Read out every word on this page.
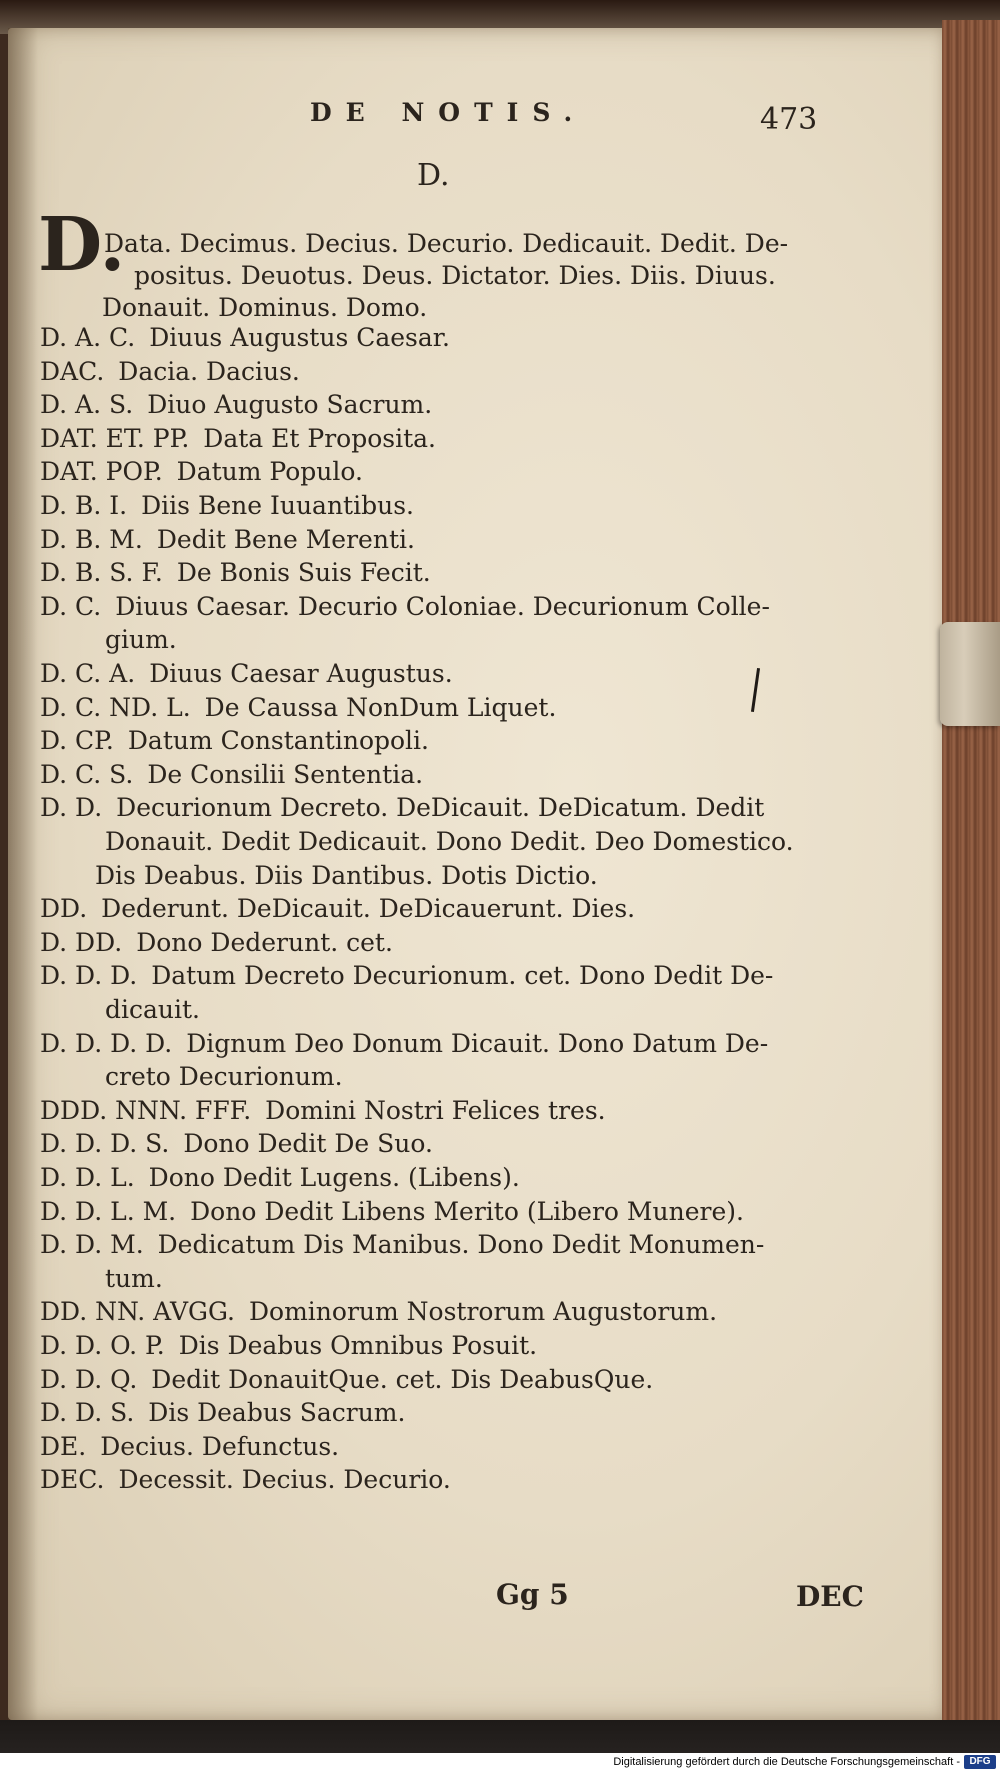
DE NOTIS.	473
D.
D.
Data. Decimus. Decius. Decurio. Dedicauit. Dedit. De-
positus. Deuotus. Deus. Dictator. Dies. Diis. Diuus.
Donauit. Dominus. Domo.
D. A. C. Diuus Augustus Caesar.
DAC. Dacia. Dacius.
D. A. S. Diuo Augusto Sacrum.
DAT. ET. PP. Data Et Proposita.
DAT. POP. Datum Populo.
D. B. I. Diis Bene Iuuantibus.
D. B. M. Dedit Bene Merenti.
D. B. S. F. De Bonis Suis Fecit.
D. C. Diuus Caesar. Decurio Coloniae. Decurionum Colle-
gium.
D. C. A. Diuus Caesar Augustus.
D. C. ND. L. De Caussa NonDum Liquet.
D. CP. Datum Constantinopoli.
D. C. S. De Consilii Sententia.
D. D. Decurionum Decreto. DeDicauit. DeDicatum. Dedit
Donauit. Dedit Dedicauit. Dono Dedit. Deo Domestico.
Dis Deabus. Diis Dantibus. Dotis Dictio.
DD. Dederunt. DeDicauit. DeDicauerunt. Dies.
D. DD. Dono Dederunt. cet.
D. D. D. Datum Decreto Decurionum. cet. Dono Dedit De-
dicauit.
D. D. D. D. Dignum Deo Donum Dicauit. Dono Datum De-
creto Decurionum.
DDD. NNN. FFF. Domini Nostri Felices tres.
D. D. D. S. Dono Dedit De Suo.
D. D. L. Dono Dedit Lugens. (Libens).
D. D. L. M. Dono Dedit Libens Merito (Libero Munere).
D. D. M. Dedicatum Dis Manibus. Dono Dedit Monumen-
tum.
DD. NN. AVGG. Dominorum Nostrorum Augustorum.
D. D. O. P. Dis Deabus Omnibus Posuit.
D. D. Q. Dedit DonauitQue. cet. Dis DeabusQue.
D. D. S. Dis Deabus Sacrum.
DE. Decius. Defunctus.
DEC. Decessit. Decius. Decurio.
Gg 5	DEC
Digitalisierung gefördert durch die Deutsche Forschungsgemeinschaft - DFG
